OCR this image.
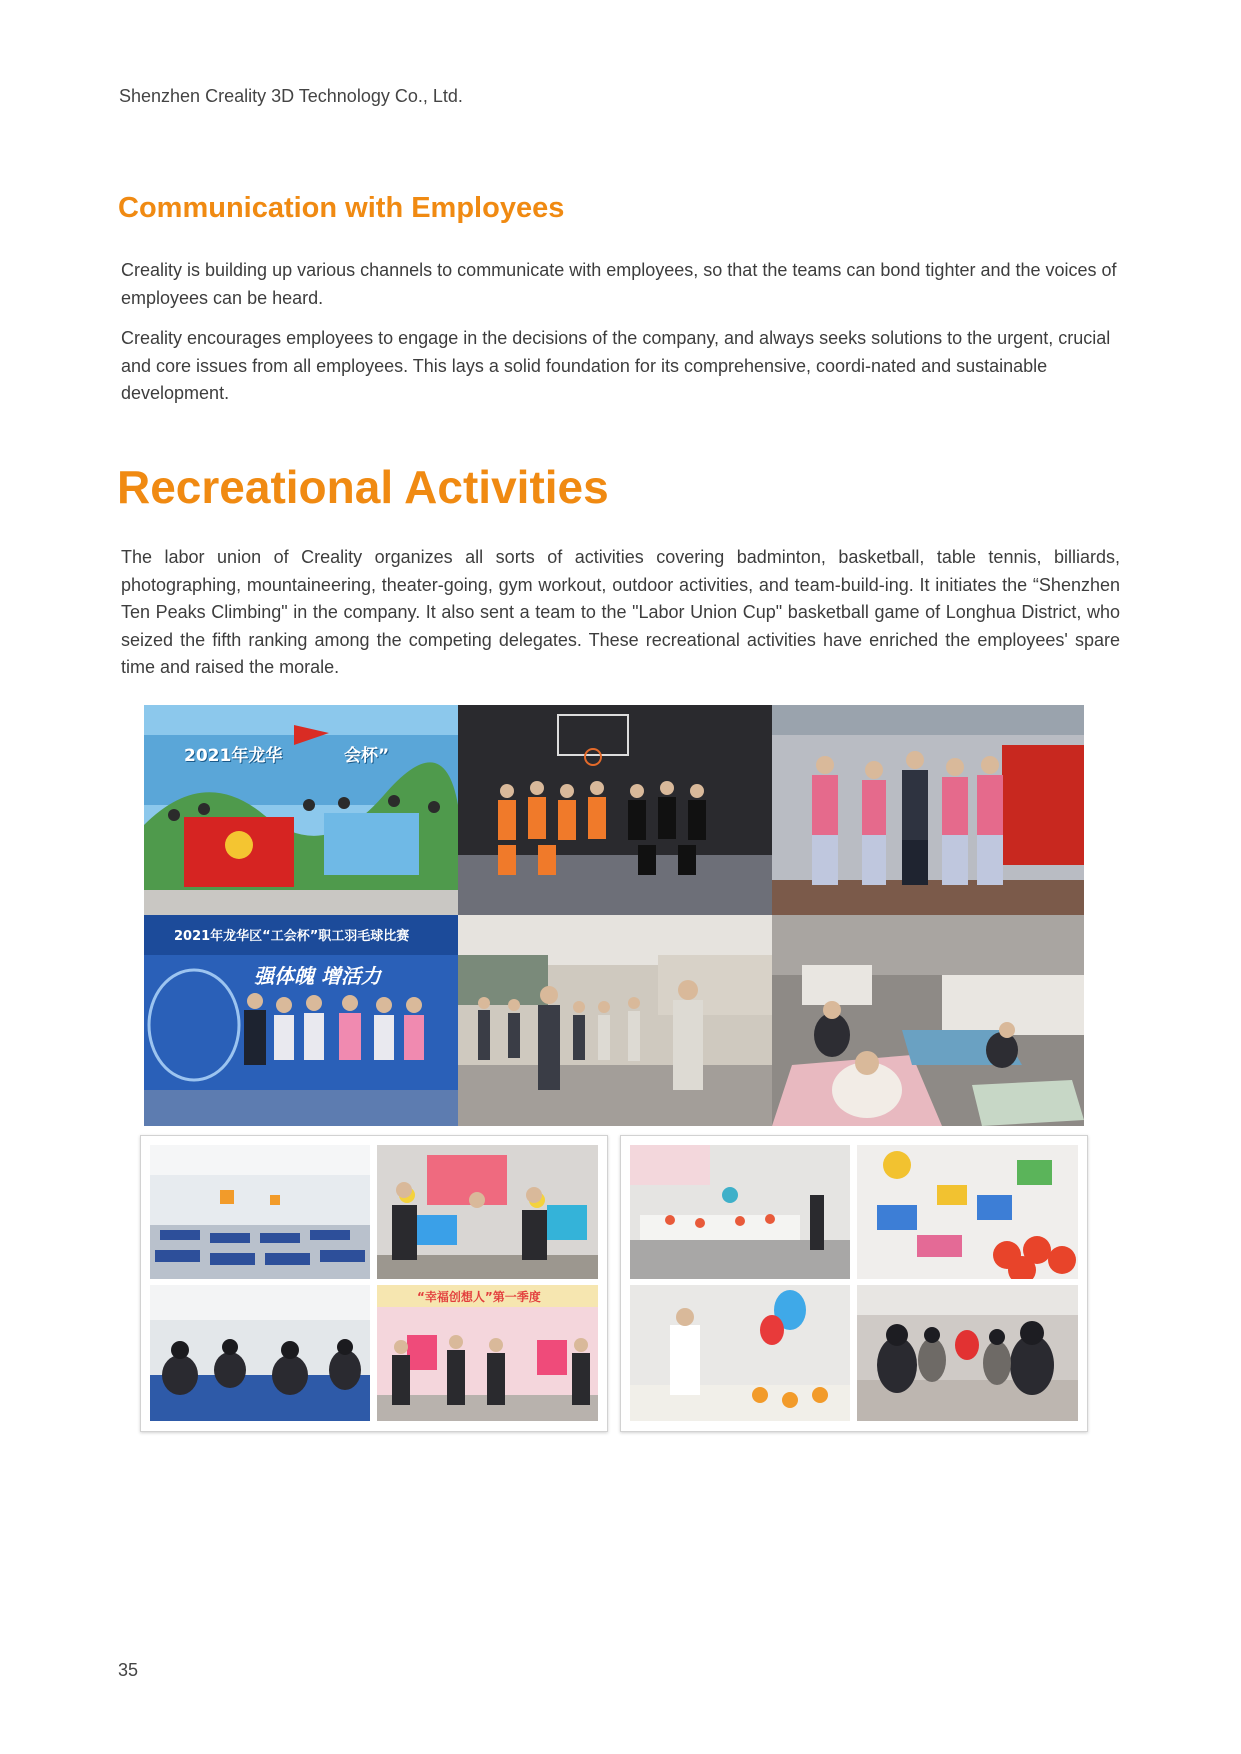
Shenzhen Creality 3D Technology Co., Ltd.
Communication with Employees

Creality is building up various channels to communicate with employees, so that the teams can bond tighter and the voices of employees can be heard.

Creality encourages employees to engage in the decisions of the company, and always seeks solutions to the urgent, crucial and core issues from all employees. This lays a solid foundation for its comprehensive, coordi-nated and sustainable development.

Recreational Activities

The labor union of Creality organizes all sorts of activities covering badminton, basketball, table tennis, billiards, photographing, mountaineering, theater-going, gym workout, outdoor activities, and team-build-ing. It initiates the “Shenzhen Ten Peaks Climbing" in the company. It also sent a team to the "Labor Union Cup" basketball game of Longhua District, who seized the fifth ranking among the competing delegates. These recreational activities have enriched the employees' spare time and raised the morale.

2021年龙华	会杯”
2021年龙华区“工会杯”职工羽毛球比赛
强体魄 增活力
“幸福创想人”第一季度
35
